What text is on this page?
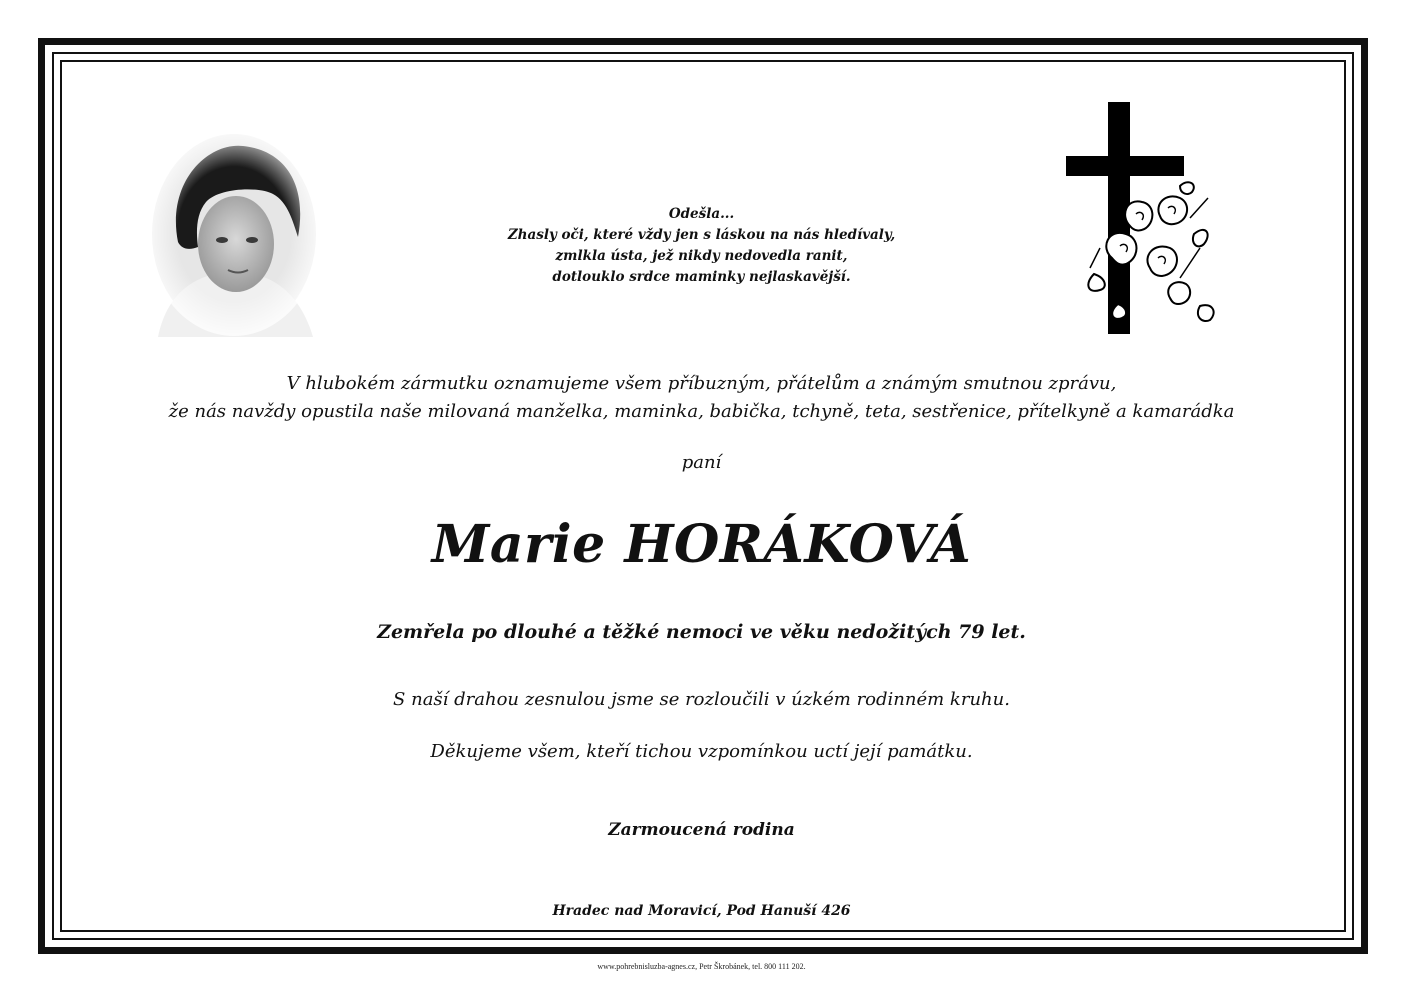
Odešla...
Zhasly oči, které vždy jen s láskou na nás hledívaly,
zmlkla ústa, jež nikdy nedovedla ranit,
dotlouklo srdce maminky nejlaskavější.
V hlubokém zármutku oznamujeme všem příbuzným, přátelům a známým smutnou zprávu,
že nás navždy opustila naše milovaná manželka, maminka, babička, tchyně, teta, sestřenice, přítelkyně a kamarádka
paní
Marie HORÁKOVÁ
Zemřela po dlouhé a těžké nemoci ve věku nedožitých 79 let.
S naší drahou zesnulou jsme se rozloučili v úzkém rodinném kruhu.
Děkujeme všem, kteří tichou vzpomínkou uctí její památku.
Zarmoucená rodina
Hradec nad Moravicí, Pod Hanuší 426
www.pohrebnisluzba-agnes.cz, Petr Škrobánek, tel. 800 111 202.
